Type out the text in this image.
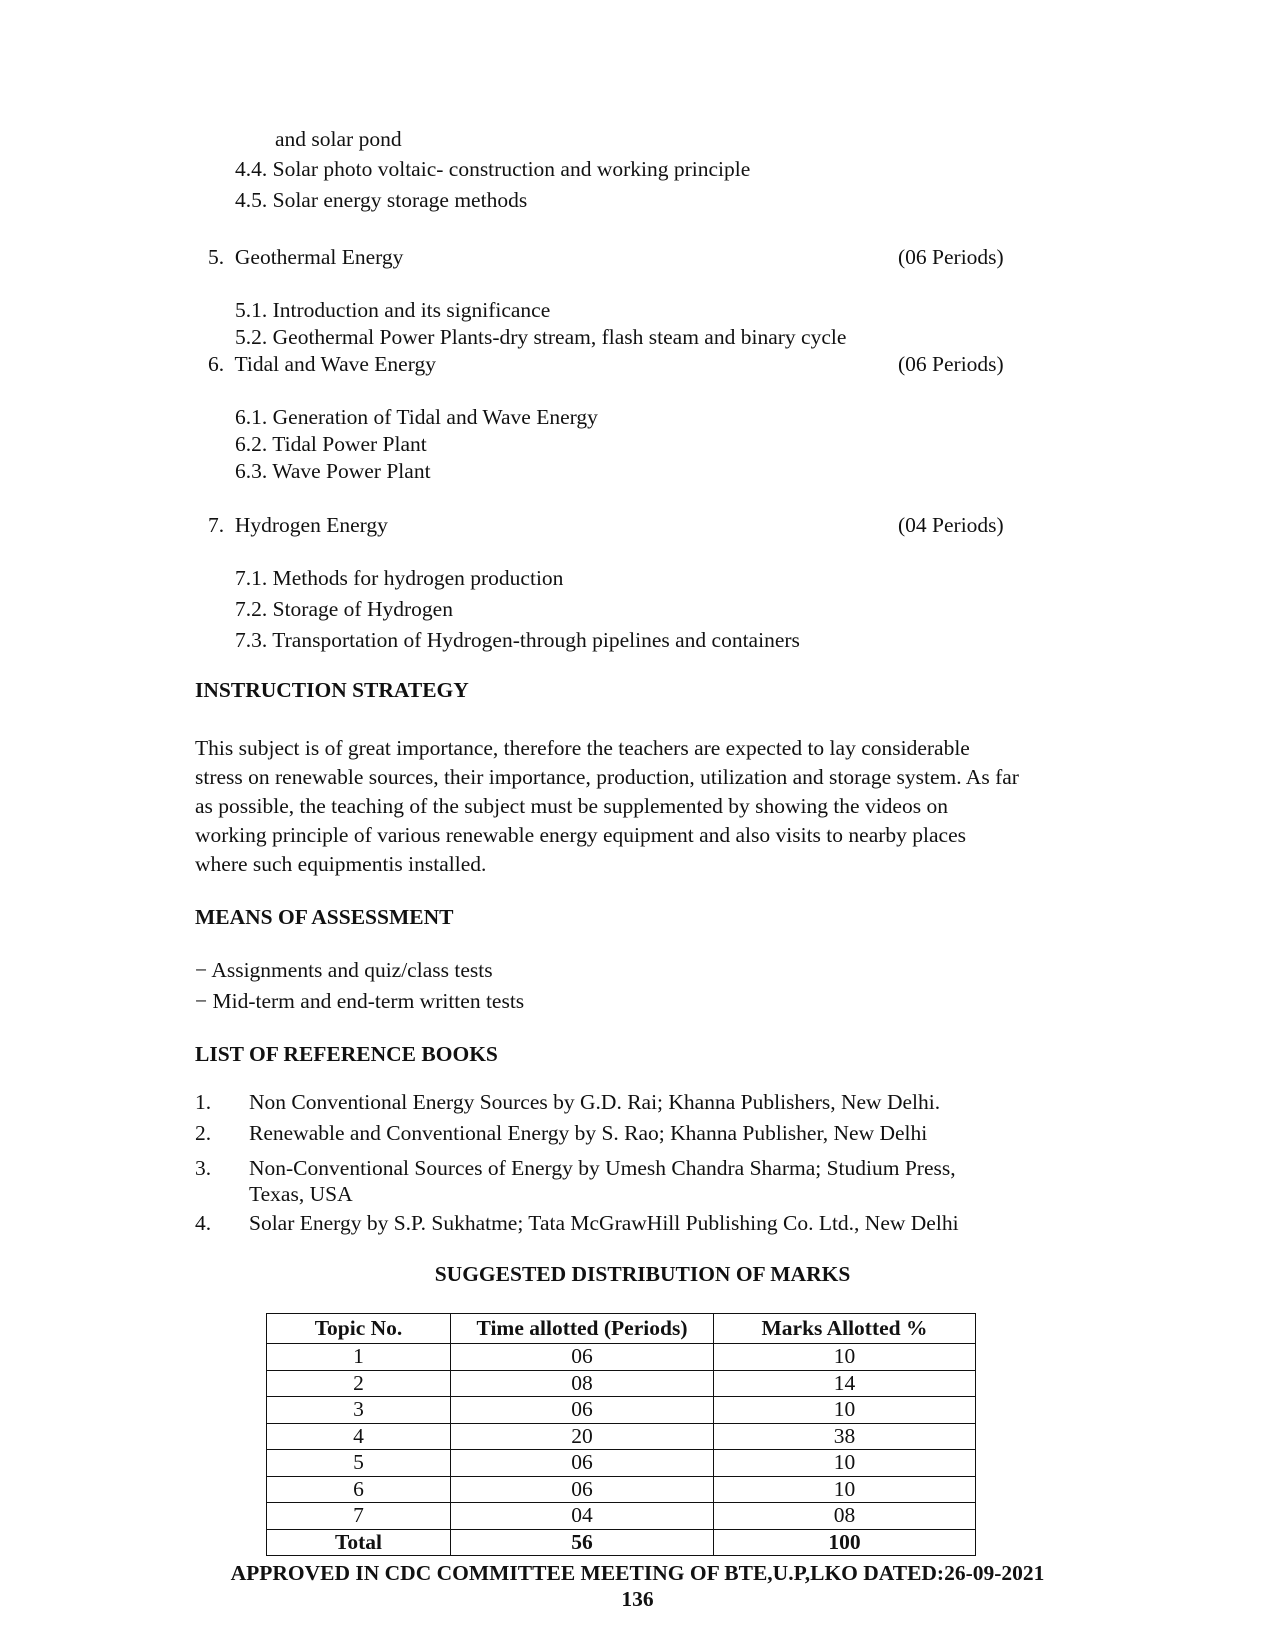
and solar pond
4.4. Solar photo voltaic- construction and working principle
4.5. Solar energy storage methods
5. Geothermal Energy	(06 Periods)
5.1. Introduction and its significance
5.2. Geothermal Power Plants-dry stream, flash steam and binary cycle
6. Tidal and Wave Energy	(06 Periods)
6.1. Generation of Tidal and Wave Energy
6.2. Tidal Power Plant
6.3. Wave Power Plant
7. Hydrogen Energy	(04 Periods)
7.1. Methods for hydrogen production
7.2. Storage of Hydrogen
7.3. Transportation of Hydrogen-through pipelines and containers
INSTRUCTION STRATEGY
This subject is of great importance, therefore the teachers are expected to lay considerable
stress on renewable sources, their importance, production, utilization and storage system. As far
as possible, the teaching of the subject must be supplemented by showing the videos on
working principle of various renewable energy equipment and also visits to nearby places
where such equipmentis installed.
MEANS OF ASSESSMENT
− Assignments and quiz/class tests
− Mid-term and end-term written tests
LIST OF REFERENCE BOOKS
1. Non Conventional Energy Sources by G.D. Rai; Khanna Publishers, New Delhi.
2. Renewable and Conventional Energy by S. Rao; Khanna Publisher, New Delhi
3. Non-Conventional Sources of Energy by Umesh Chandra Sharma; Studium Press,
Texas, USA
4. Solar Energy by S.P. Sukhatme; Tata McGrawHill Publishing Co. Ltd., New Delhi
SUGGESTED DISTRIBUTION OF MARKS
Topic No.	Time allotted (Periods)	Marks Allotted %
1	06	10
2	08	14
3	06	10
4	20	38
5	06	10
6	06	10
7	04	08
Total	56	100
APPROVED IN CDC COMMITTEE MEETING OF BTE,U.P,LKO DATED:26-09-2021
136
